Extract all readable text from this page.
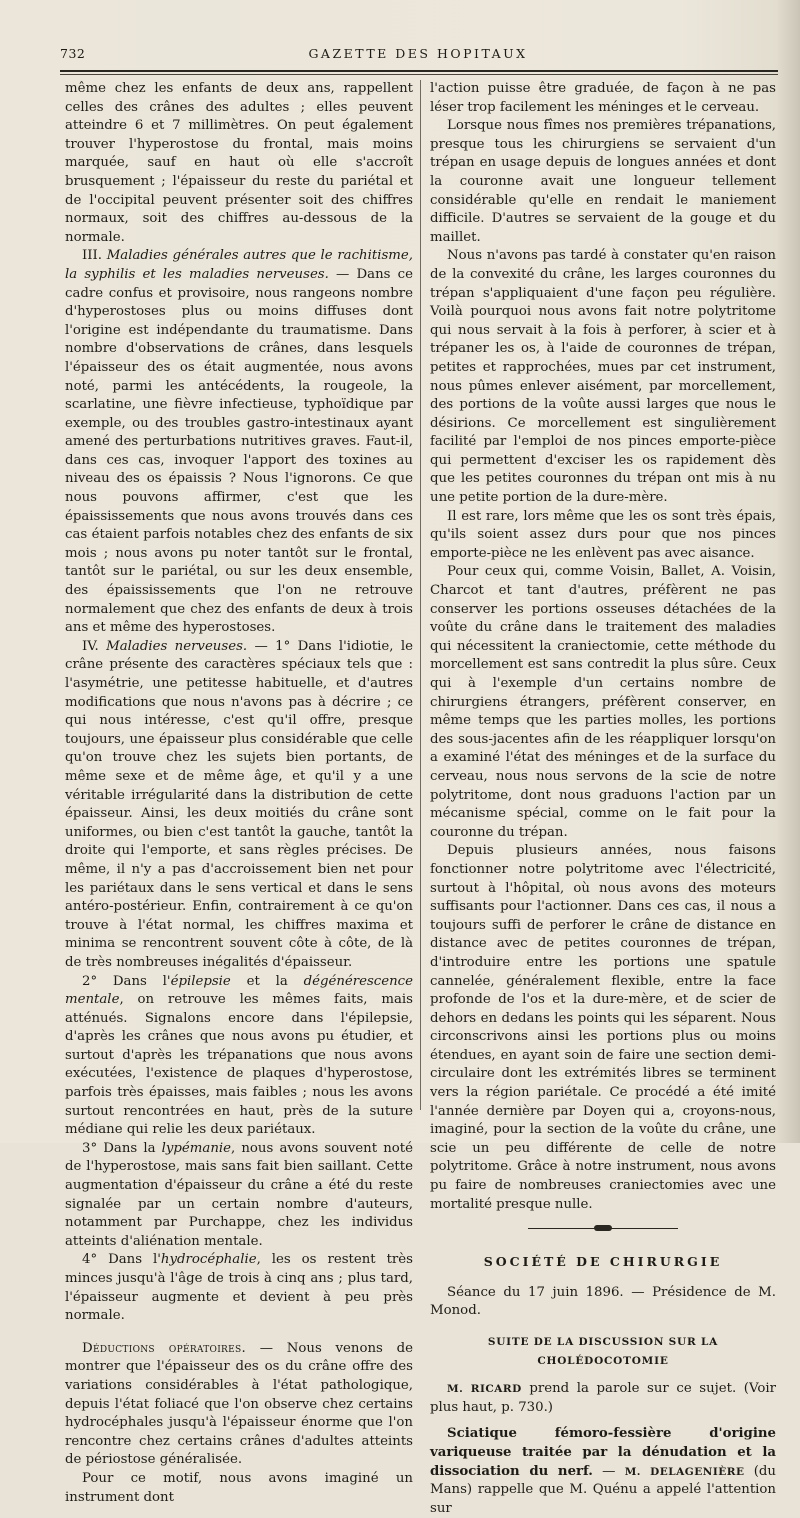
732	GAZETTE DES HOPITAUX

même chez les enfants de deux ans, rappellent celles des crânes des adultes ; elles peuvent atteindre 6 et 7 millimètres. On peut également trouver l'hyperostose du frontal, mais moins marquée, sauf en haut où elle s'accroît brusquement ; l'épaisseur du reste du pariétal et de l'occipital peuvent présenter soit des chiffres normaux, soit des chiffres au-dessous de la normale.

III. Maladies générales autres que le rachitisme, la syphilis et les maladies nerveuses. — Dans ce cadre confus et provisoire, nous rangeons nombre d'hyperostoses plus ou moins diffuses dont l'origine est indépendante du traumatisme. Dans nombre d'observations de crânes, dans lesquels l'épaisseur des os était augmentée, nous avons noté, parmi les antécédents, la rougeole, la scarlatine, une fièvre infectieuse, typhoïdique par exemple, ou des troubles gastro-intestinaux ayant amené des perturbations nutritives graves. Faut-il, dans ces cas, invoquer l'apport des toxines au niveau des os épaissis ? Nous l'ignorons. Ce que nous pouvons affirmer, c'est que les épaississements que nous avons trouvés dans ces cas étaient parfois notables chez des enfants de six mois ; nous avons pu noter tantôt sur le frontal, tantôt sur le pariétal, ou sur les deux ensemble, des épaississements que l'on ne retrouve normalement que chez des enfants de deux à trois ans et même des hyperostoses.

IV. Maladies nerveuses. — 1° Dans l'idiotie, le crâne présente des caractères spéciaux tels que : l'asymétrie, une petitesse habituelle, et d'autres modifications que nous n'avons pas à décrire ; ce qui nous intéresse, c'est qu'il offre, presque toujours, une épaisseur plus considérable que celle qu'on trouve chez les sujets bien portants, de même sexe et de même âge, et qu'il y a une véritable irrégularité dans la distribution de cette épaisseur. Ainsi, les deux moitiés du crâne sont uniformes, ou bien c'est tantôt la gauche, tantôt la droite qui l'emporte, et sans règles précises. De même, il n'y a pas d'accroissement bien net pour les pariétaux dans le sens vertical et dans le sens antéro-postérieur. Enfin, contrairement à ce qu'on trouve à l'état normal, les chiffres maxima et minima se rencontrent souvent côte à côte, de là de très nombreuses inégalités d'épaisseur.

2° Dans l'épilepsie et la dégénérescence mentale, on retrouve les mêmes faits, mais atténués. Signalons encore dans l'épilepsie, d'après les crânes que nous avons pu étudier, et surtout d'après les trépanations que nous avons exécutées, l'existence de plaques d'hyperostose, parfois très épaisses, mais faibles ; nous les avons surtout rencontrées en haut, près de la suture médiane qui relie les deux pariétaux.

3° Dans la lypémanie, nous avons souvent noté de l'hyperostose, mais sans fait bien saillant. Cette augmentation d'épaisseur du crâne a été du reste signalée par un certain nombre d'auteurs, notamment par Purchappe, chez les individus atteints d'aliénation mentale.

4° Dans l'hydrocéphalie, les os restent très minces jusqu'à l'âge de trois à cinq ans ; plus tard, l'épaisseur augmente et devient à peu près normale.

Déductions opératoires. — Nous venons de montrer que l'épaisseur des os du crâne offre des variations considérables à l'état pathologique, depuis l'état foliacé que l'on observe chez certains hydrocéphales jusqu'à l'épaisseur énorme que l'on rencontre chez certains crânes d'adultes atteints de périostose généralisée.

Pour ce motif, nous avons imaginé un instrument dont

l'action puisse être graduée, de façon à ne pas léser trop facilement les méninges et le cerveau.

Lorsque nous fîmes nos premières trépanations, presque tous les chirurgiens se servaient d'un trépan en usage depuis de longues années et dont la couronne avait une longueur tellement considérable qu'elle en rendait le maniement difficile. D'autres se servaient de la gouge et du maillet.

Nous n'avons pas tardé à constater qu'en raison de la convexité du crâne, les larges couronnes du trépan s'appliquaient d'une façon peu régulière. Voilà pourquoi nous avons fait notre polytritome qui nous servait à la fois à perforer, à scier et à trépaner les os, à l'aide de couronnes de trépan, petites et rapprochées, mues par cet instrument, nous pûmes enlever aisément, par morcellement, des portions de la voûte aussi larges que nous le désirions. Ce morcellement est singulièrement facilité par l'emploi de nos pinces emporte-pièce qui permettent d'exciser les os rapidement dès que les petites couronnes du trépan ont mis à nu une petite portion de la dure-mère.

Il est rare, lors même que les os sont très épais, qu'ils soient assez durs pour que nos pinces emporte-pièce ne les enlèvent pas avec aisance.

Pour ceux qui, comme Voisin, Ballet, A. Voisin, Charcot et tant d'autres, préfèrent ne pas conserver les portions osseuses détachées de la voûte du crâne dans le traitement des maladies qui nécessitent la craniectomie, cette méthode du morcellement est sans contredit la plus sûre. Ceux qui à l'exemple d'un certains nombre de chirurgiens étrangers, préfèrent conserver, en même temps que les parties molles, les portions des sous-jacentes afin de les réappliquer lorsqu'on a examiné l'état des méninges et de la surface du cerveau, nous nous servons de la scie de notre polytritome, dont nous graduons l'action par un mécanisme spécial, comme on le fait pour la couronne du trépan.

Depuis plusieurs années, nous faisons fonctionner notre polytritome avec l'électricité, surtout à l'hôpital, où nous avons des moteurs suffisants pour l'actionner. Dans ces cas, il nous a toujours suffi de perforer le crâne de distance en distance avec de petites couronnes de trépan, d'introduire entre les portions une spatule cannelée, généralement flexible, entre la face profonde de l'os et la dure-mère, et de scier de dehors en dedans les points qui les séparent. Nous circonscrivons ainsi les portions plus ou moins étendues, en ayant soin de faire une section demi-circulaire dont les extrémités libres se terminent vers la région pariétale. Ce procédé a été imité l'année dernière par Doyen qui a, croyons-nous, imaginé, pour la section de la voûte du crâne, une scie un peu différente de celle de notre polytritome. Grâce à notre instrument, nous avons pu faire de nombreuses craniectomies avec une mortalité presque nulle.

SOCIÉTÉ DE CHIRURGIE

Séance du 17 juin 1896. — Présidence de M. Monod.

SUITE DE LA DISCUSSION SUR LA CHOLÉDOCOTOMIE

M. RICARD prend la parole sur ce sujet. (Voir plus haut, p. 730.)

Sciatique fémoro-fessière d'origine variqueuse traitée par la dénudation et la dissociation du nerf. — M. DELAGENIÈRE (du Mans) rappelle que M. Quénu a appelé l'attention sur
